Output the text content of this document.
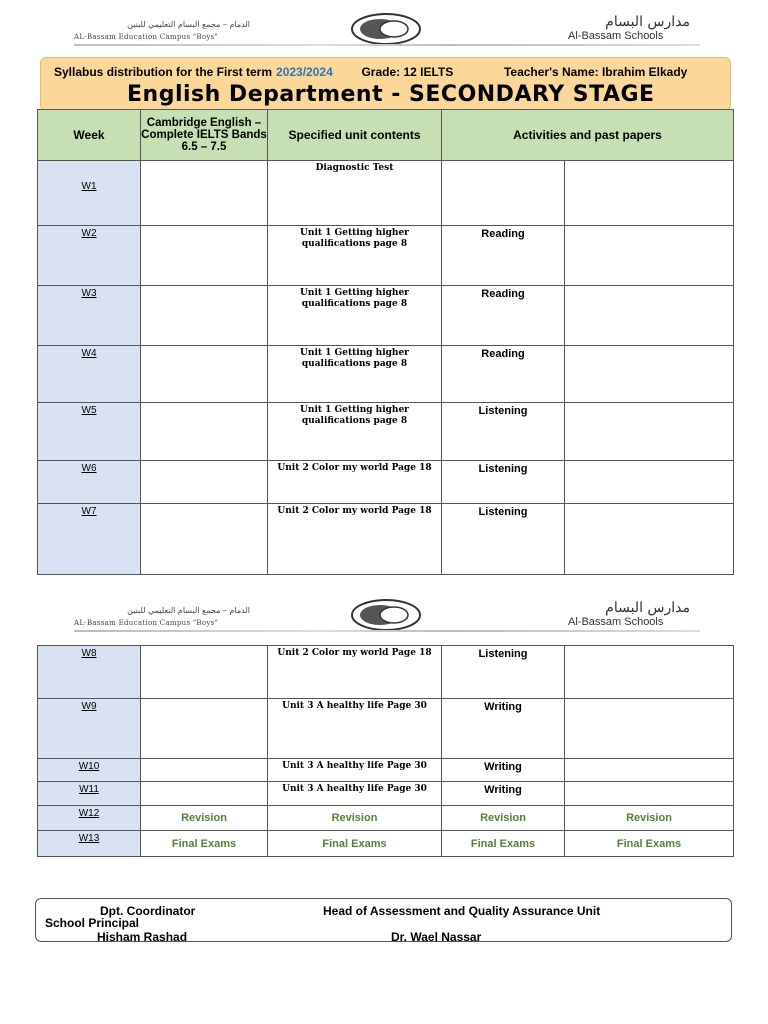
الدمام – مجمع البسام التعليمي للبنين
AL-Bassam Education Campus "Boys"
مدارس البسام
Al-Bassam Schools
Syllabus distribution for the First term 2023/2024 Grade: 12 IELTS	Teacher's Name: Ibrahim Elkady
English Department - SECONDARY STAGE
Week	Cambridge English – Complete IELTS Bands 6.5 – 7.5	Specified unit contents	Activities and past papers	
W1		Diagnostic Test		
W2		Unit 1 Getting higher qualifications page 8	Reading	
W3		Unit 1 Getting higher qualifications page 8	Reading	
W4		Unit 1 Getting higher qualifications page 8	Reading	
W5		Unit 1 Getting higher qualifications page 8	Listening	
W6		Unit 2 Color my world Page 18	Listening	
W7		Unit 2 Color my world Page 18	Listening	
الدمام – مجمع البسام التعليمي للبنين
AL-Bassam Education Campus "Boys"
مدارس البسام
Al-Bassam Schools
W8		Unit 2 Color my world Page 18	Listening	
W9		Unit 3 A healthy life Page 30	Writing	
W10		Unit 3 A healthy life Page 30	Writing	
W11		Unit 3 A healthy life Page 30	Writing	
W12	Revision	Revision	Revision	Revision
W13	Final Exams	Final Exams	Final Exams	Final Exams
Dpt. Coordinator
School Principal
Head of Assessment and Quality Assurance Unit
Hisham Rashad	Dr. Wael Nassar
